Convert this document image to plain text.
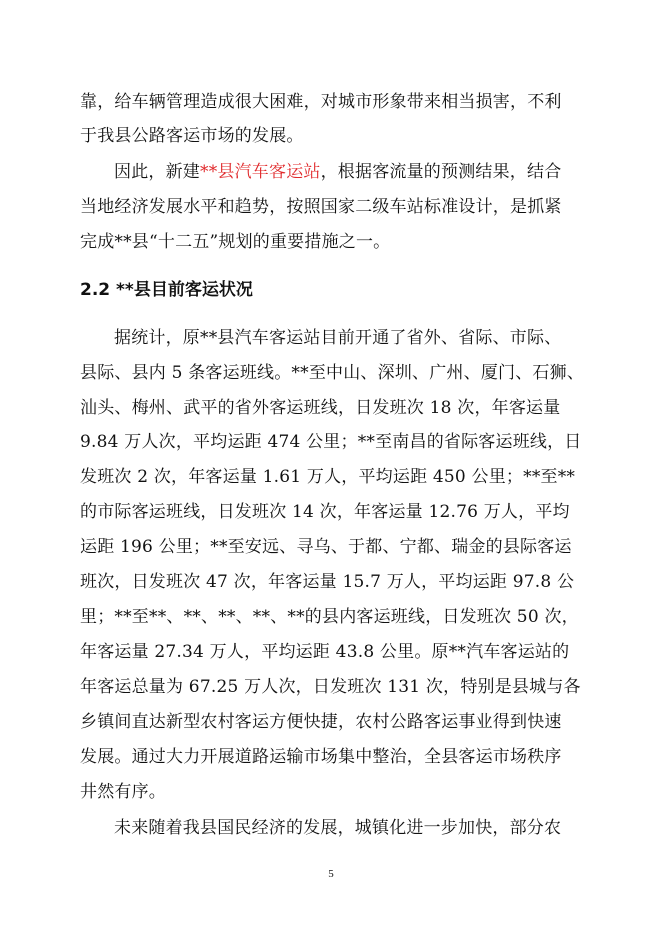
靠，给车辆管理造成很大困难，对城市形象带来相当损害，不利
于我县公路客运市场的发展。
因此，新建**县汽车客运站，根据客流量的预测结果，结合
当地经济发展水平和趋势，按照国家二级车站标准设计，是抓紧
完成**县“十二五”规划的重要措施之一。
2.2 **县目前客运状况
据统计，原**县汽车客运站目前开通了省外、省际、市际、
县际、县内 5 条客运班线。**至中山、深圳、广州、厦门、石狮、
汕头、梅州、武平的省外客运班线，日发班次 18 次，年客运量
9.84 万人次，平均运距 474 公里；**至南昌的省际客运班线，日
发班次 2 次，年客运量 1.61 万人，平均运距 450 公里；**至**
的市际客运班线，日发班次 14 次，年客运量 12.76 万人，平均
运距 196 公里；**至安远、寻乌、于都、宁都、瑞金的县际客运
班次，日发班次 47 次，年客运量 15.7 万人，平均运距 97.8 公
里；**至**、**、**、**、**的县内客运班线，日发班次 50 次，
年客运量 27.34 万人，平均运距 43.8 公里。原**汽车客运站的
年客运总量为 67.25 万人次，日发班次 131 次，特别是县城与各
乡镇间直达新型农村客运方便快捷，农村公路客运事业得到快速
发展。通过大力开展道路运输市场集中整治，全县客运市场秩序
井然有序。
未来随着我县国民经济的发展，城镇化进一步加快，部分农
5
